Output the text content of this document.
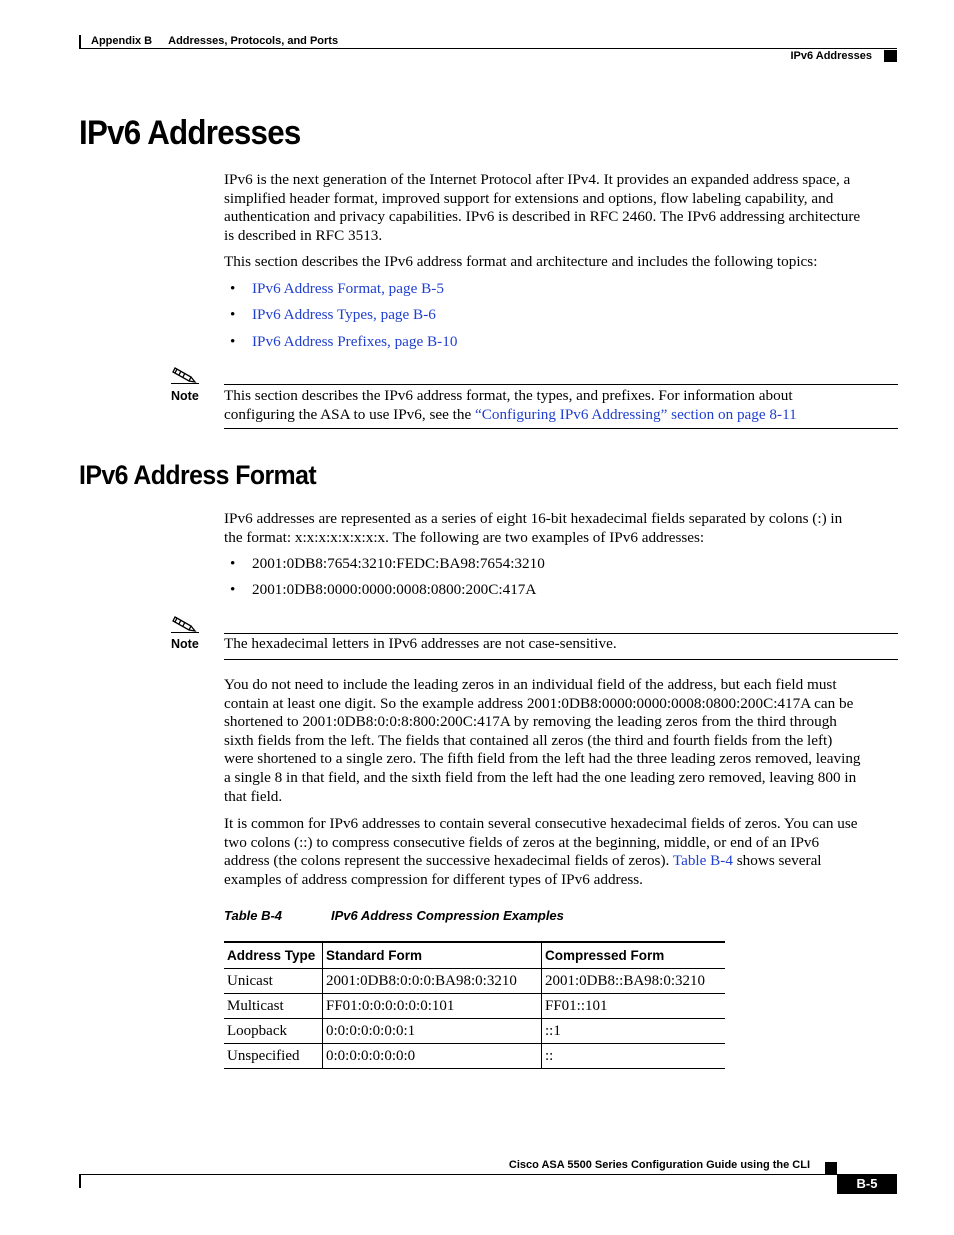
Appendix B Addresses, Protocols, and Ports
IPv6 Addresses
IPv6 Addresses
IPv6 is the next generation of the Internet Protocol after IPv4. It provides an expanded address space, a
simplified header format, improved support for extensions and options, flow labeling capability, and
authentication and privacy capabilities. IPv6 is described in RFC 2460. The IPv6 addressing architecture
is described in RFC 3513.
This section describes the IPv6 address format and architecture and includes the following topics:
• IPv6 Address Format, page B-5
• IPv6 Address Types, page B-6
• IPv6 Address Prefixes, page B-10
Note This section describes the IPv6 address format, the types, and prefixes. For information about
configuring the ASA to use IPv6, see the “Configuring IPv6 Addressing” section on page 8-11
IPv6 Address Format
IPv6 addresses are represented as a series of eight 16-bit hexadecimal fields separated by colons (:) in
the format: x:x:x:x:x:x:x:x. The following are two examples of IPv6 addresses:
• 2001:0DB8:7654:3210:FEDC:BA98:7654:3210
• 2001:0DB8:0000:0000:0008:0800:200C:417A
Note The hexadecimal letters in IPv6 addresses are not case-sensitive.
You do not need to include the leading zeros in an individual field of the address, but each field must
contain at least one digit. So the example address 2001:0DB8:0000:0000:0008:0800:200C:417A can be
shortened to 2001:0DB8:0:0:8:800:200C:417A by removing the leading zeros from the third through
sixth fields from the left. The fields that contained all zeros (the third and fourth fields from the left)
were shortened to a single zero. The fifth field from the left had the three leading zeros removed, leaving
a single 8 in that field, and the sixth field from the left had the one leading zero removed, leaving 800 in
that field.
It is common for IPv6 addresses to contain several consecutive hexadecimal fields of zeros. You can use
two colons (::) to compress consecutive fields of zeros at the beginning, middle, or end of an IPv6
address (the colons represent the successive hexadecimal fields of zeros). Table B-4 shows several
examples of address compression for different types of IPv6 address.
Table B-4	IPv6 Address Compression Examples
Address Type	Standard Form	Compressed Form
Unicast	2001:0DB8:0:0:0:BA98:0:3210	2001:0DB8::BA98:0:3210
Multicast	FF01:0:0:0:0:0:0:101	FF01::101
Loopback	0:0:0:0:0:0:0:1	::1
Unspecified	0:0:0:0:0:0:0:0	::
Cisco ASA 5500 Series Configuration Guide using the CLI
B-5
